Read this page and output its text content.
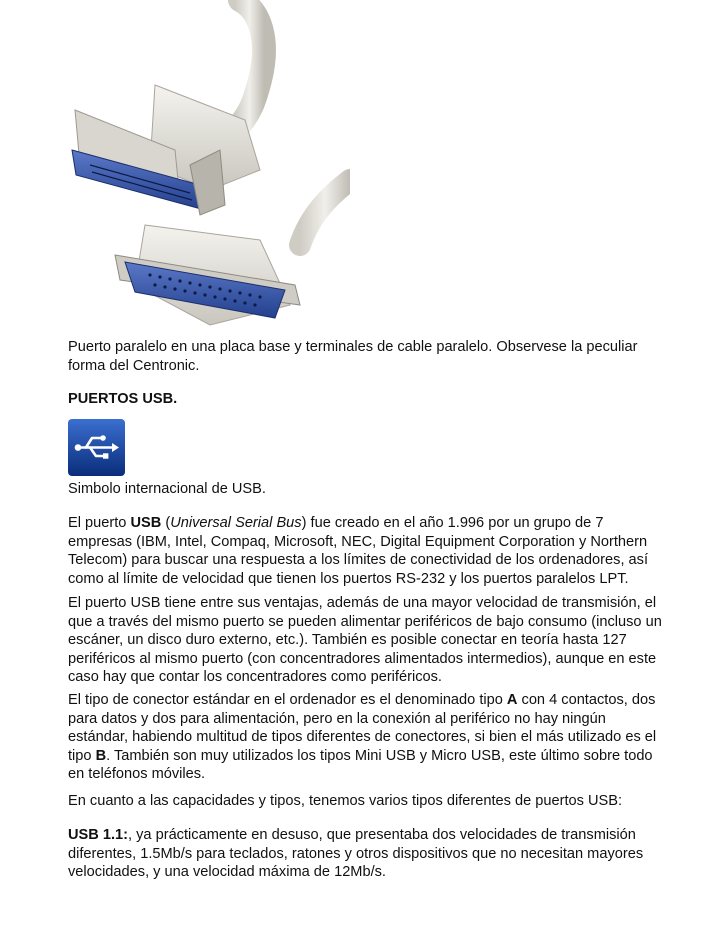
Puerto paralelo en una placa base y terminales de cable paralelo. Observese la peculiar forma del Centronic.

PUERTOS USB.

Simbolo internacional de USB.

El puerto USB (Universal Serial Bus) fue creado en el año 1.996 por un grupo de 7 empresas (IBM, Intel, Compaq, Microsoft, NEC, Digital Equipment Corporation y Northern Telecom) para buscar una respuesta a los límites de conectividad de los ordenadores, así como al límite de velocidad que tienen los puertos RS-232 y los puertos paralelos LPT.

El puerto USB tiene entre sus ventajas, además de una mayor velocidad de transmisión, el que a través del mismo puerto se pueden alimentar periféricos de bajo consumo (incluso un escáner, un disco duro externo, etc.). También es posible conectar en teoría hasta 127 periféricos al mismo puerto (con concentradores alimentados intermedios), aunque en este caso hay que contar los concentradores como periféricos.

El tipo de conector estándar en el ordenador es el denominado tipo A con 4 contactos, dos para datos y dos para alimentación, pero en la conexión al periférico no hay ningún estándar, habiendo multitud de tipos diferentes de conectores, si bien el más utilizado es el tipo B. También son muy utilizados los tipos Mini USB y Micro USB, este último sobre todo en teléfonos móviles.

En cuanto a las capacidades y tipos, tenemos varios tipos diferentes de puertos USB:

USB 1.1:, ya prácticamente en desuso, que presentaba dos velocidades de transmisión diferentes, 1.5Mb/s para teclados, ratones y otros dispositivos que no necesitan mayores velocidades, y una velocidad máxima de 12Mb/s.
